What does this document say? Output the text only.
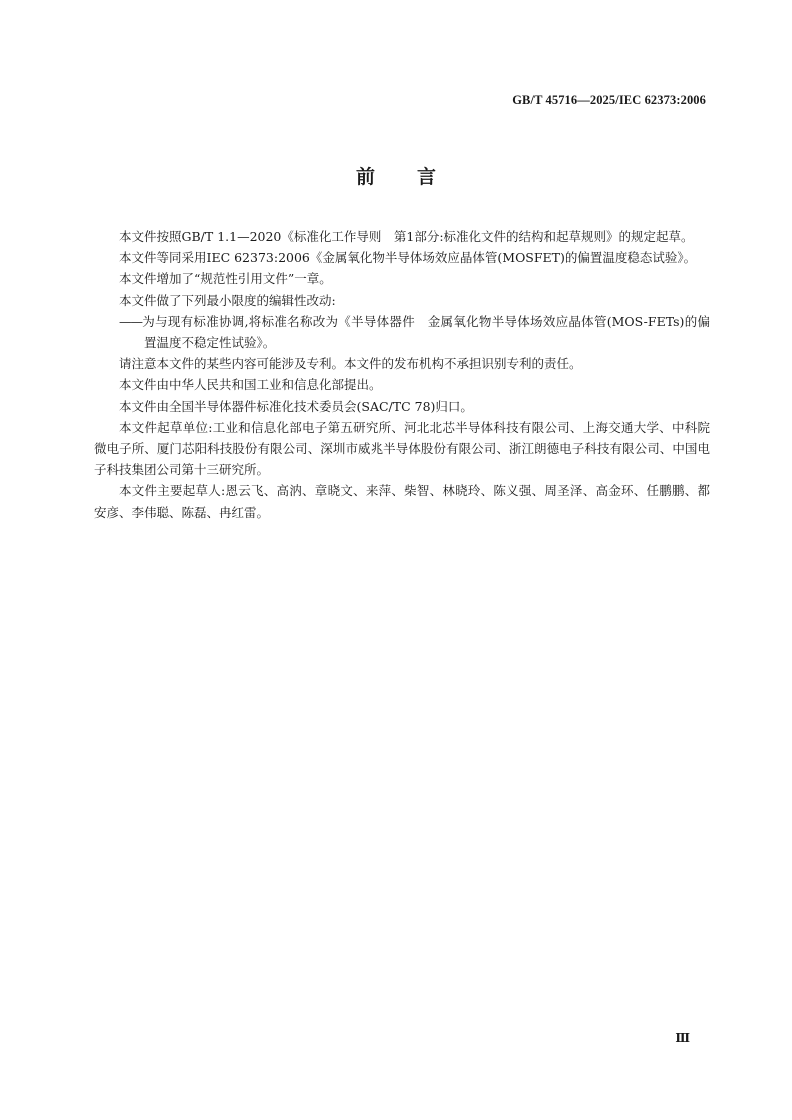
GB/T 45716—2025/IEC 62373:2006
前言

本文件按照GB/T 1.1—2020《标准化工作导则　第1部分:标准化文件的结构和起草规则》的规定起草。

本文件等同采用IEC 62373:2006《金属氧化物半导体场效应晶体管(MOSFET)的偏置温度稳态试验》。

本文件增加了“规范性引用文件”一章。

本文件做了下列最小限度的编辑性改动:

——为与现有标准协调,将标准名称改为《半导体器件　金属氧化物半导体场效应晶体管(MOS-FETs)的偏置温度不稳定性试验》。

请注意本文件的某些内容可能涉及专利。本文件的发布机构不承担识别专利的责任。

本文件由中华人民共和国工业和信息化部提出。

本文件由全国半导体器件标准化技术委员会(SAC/TC 78)归口。

本文件起草单位:工业和信息化部电子第五研究所、河北北芯半导体科技有限公司、上海交通大学、中科院微电子所、厦门芯阳科技股份有限公司、深圳市威兆半导体股份有限公司、浙江朗德电子科技有限公司、中国电子科技集团公司第十三研究所。

本文件主要起草人:恩云飞、高汭、章晓文、来萍、柴智、林晓玲、陈义强、周圣泽、高金环、任鹏鹏、都安彦、李伟聪、陈磊、冉红雷。

Ⅲ
